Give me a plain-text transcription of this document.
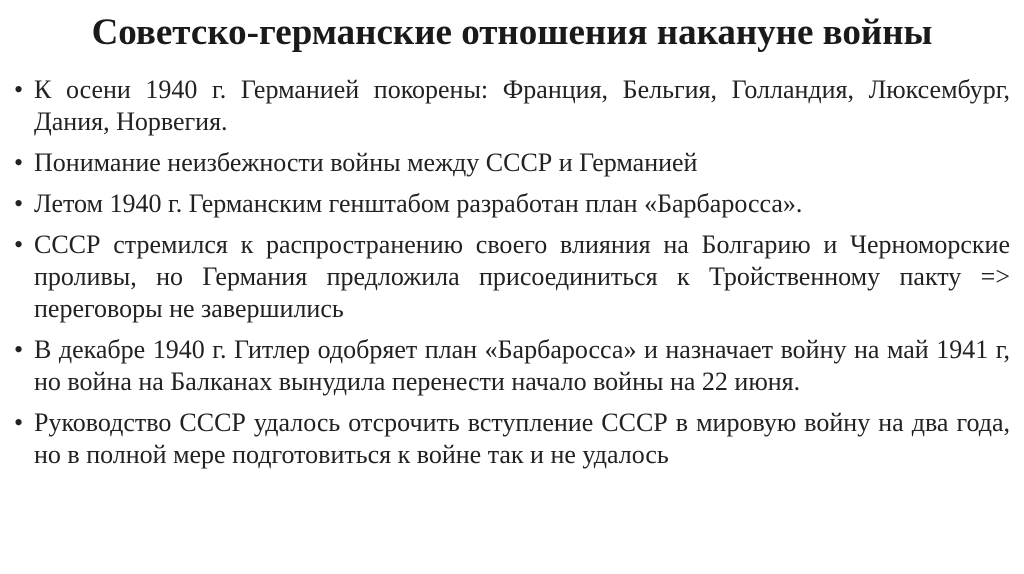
Советско-германские отношения накануне войны
• К осени 1940 г. Германией покорены: Франция, Бельгия, Голландия, Люксембург, Дания, Норвегия.
• Понимание неизбежности войны между СССР и Германией
• Летом 1940 г. Германским генштабом разработан план «Барбаросса».
• СССР стремился к распространению своего влияния на Болгарию и Черноморские проливы, но Германия предложила присоединиться к Тройственному пакту => переговоры не завершились
• В декабре 1940 г. Гитлер одобряет план «Барбаросса» и назначает войну на май 1941 г, но война на Балканах вынудила перенести начало войны на 22 июня.
• Руководство СССР удалось отсрочить вступление СССР в мировую войну на два года, но в полной мере подготовиться к войне так и не удалось
